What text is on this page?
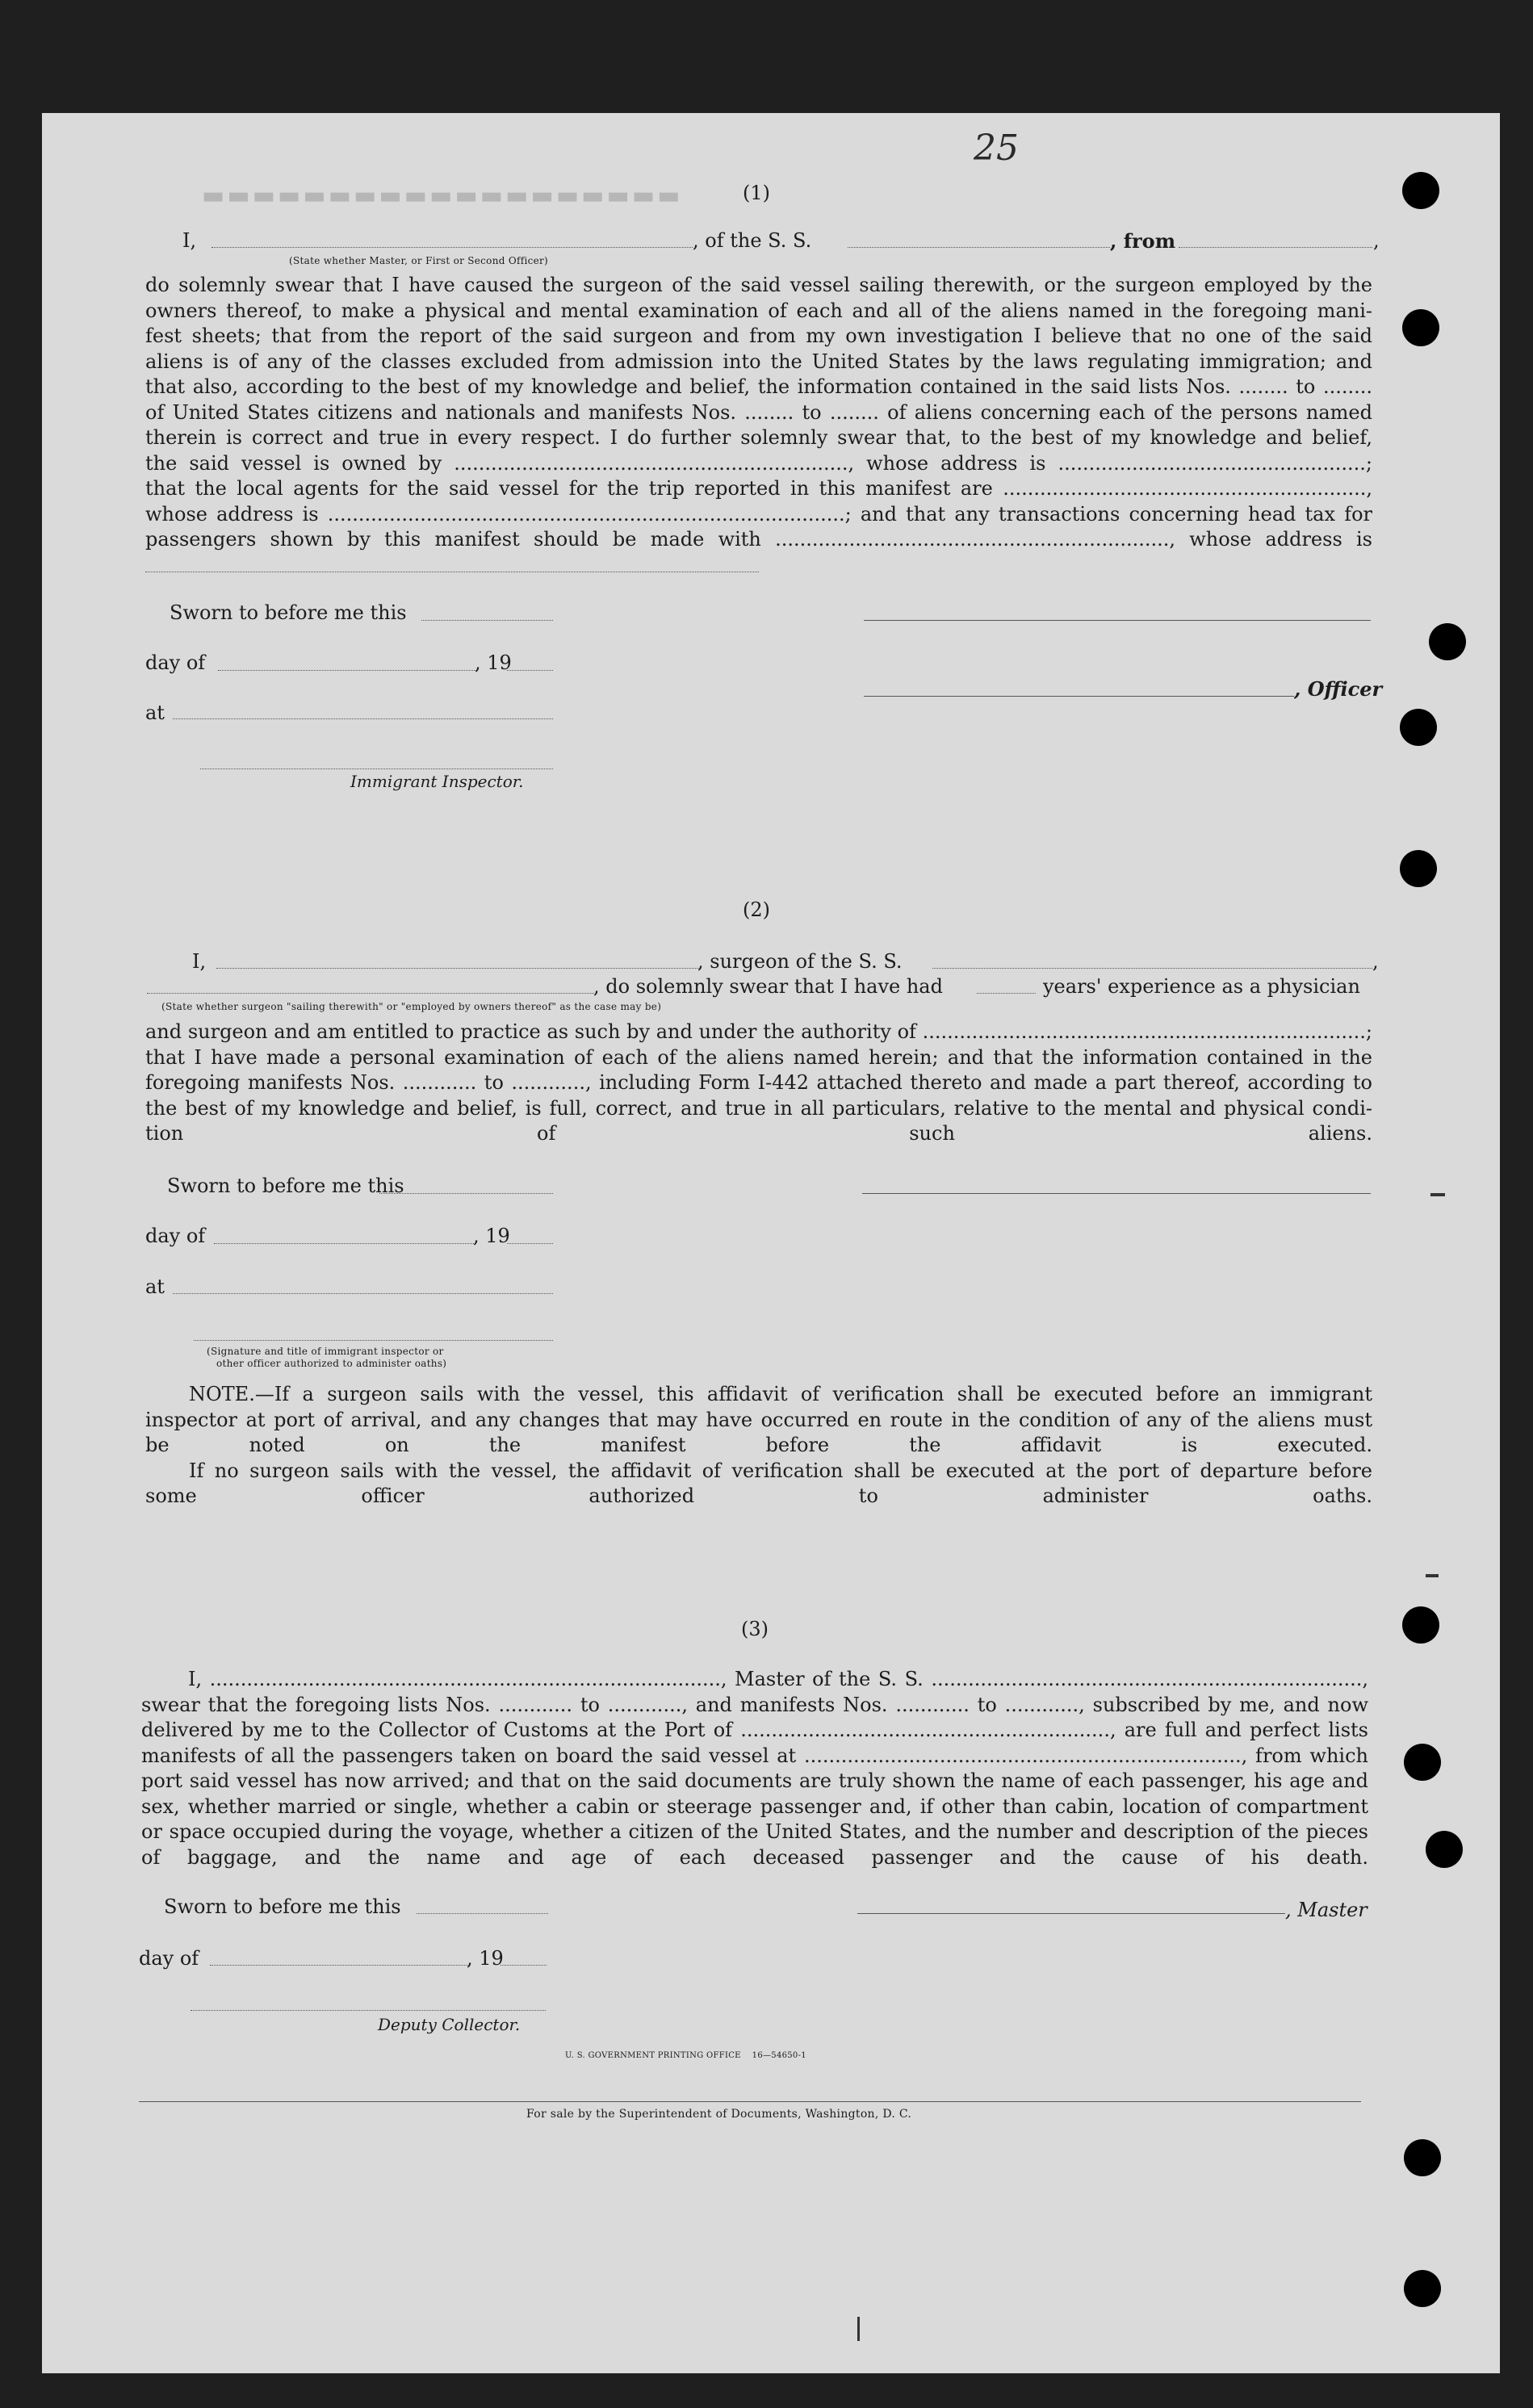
▬▬▬▬▬▬▬▬▬▬▬▬▬▬▬▬▬▬▬
25
(1)
I,	, of the S. S.	, from	,
(State whether Master, or First or Second Officer)
do solemnly swear that I have caused the surgeon of the said vessel sailing therewith, or the surgeon employed by the
owners thereof, to make a physical and mental examination of each and all of the aliens named in the foregoing mani-
fest sheets; that from the report of the said surgeon and from my own investigation I believe that no one of the said
aliens is of any of the classes excluded from admission into the United States by the laws regulating immigration; and
that also, according to the best of my knowledge and belief, the information contained in the said lists Nos. ........ to ........
of United States citizens and nationals and manifests Nos. ........ to ........ of aliens concerning each of the persons named
therein is correct and true in every respect. I do further solemnly swear that, to the best of my knowledge and belief,
the said vessel is owned by ................................................................, whose address is ..................................................;
that the local agents for the said vessel for the trip reported in this manifest are ...........................................................,
whose address is ....................................................................................; and that any transactions concerning head tax for
passengers shown by this manifest should be made with ................................................................, whose address is
Sworn to before me this
day of	, 19
, Officer
at
Immigrant Inspector.
(2)
I,	, surgeon of the S. S.	,
, do solemnly swear that I have had	years' experience as a physician
(State whether surgeon "sailing therewith" or "employed by owners thereof" as the case may be)
and surgeon and am entitled to practice as such by and under the authority of ........................................................................;
that I have made a personal examination of each of the aliens named herein; and that the information contained in the
foregoing manifests Nos. ............ to ............, including Form I-442 attached thereto and made a part thereof, according to
the best of my knowledge and belief, is full, correct, and true in all particulars, relative to the mental and physical condi-
tion of such aliens.
Sworn to before me this
day of	, 19
at
(Signature and title of immigrant inspector or
other officer authorized to administer oaths)
NOTE.—If a surgeon sails with the vessel, this affidavit of verification shall be executed before an immigrant
inspector at port of arrival, and any changes that may have occurred en route in the condition of any of the aliens must
be noted on the manifest before the affidavit is executed.
If no surgeon sails with the vessel, the affidavit of verification shall be executed at the port of departure before
some officer authorized to administer oaths.
(3)
I, ..................................................................................., Master of the S. S. ......................................................................,
swear that the foregoing lists Nos. ............ to ............, and manifests Nos. ............ to ............, subscribed by me, and now
delivered by me to the Collector of Customs at the Port of ............................................................, are full and perfect lists
manifests of all the passengers taken on board the said vessel at ......................................................................., from which
port said vessel has now arrived; and that on the said documents are truly shown the name of each passenger, his age and
sex, whether married or single, whether a cabin or steerage passenger and, if other than cabin, location of compartment
or space occupied during the voyage, whether a citizen of the United States, and the number and description of the pieces
of baggage, and the name and age of each deceased passenger and the cause of his death.
Sworn to before me this	, Master
day of	, 19
Deputy Collector.
U. S. GOVERNMENT PRINTING OFFICE    16—54650-1
For sale by the Superintendent of Documents, Washington, D. C.
